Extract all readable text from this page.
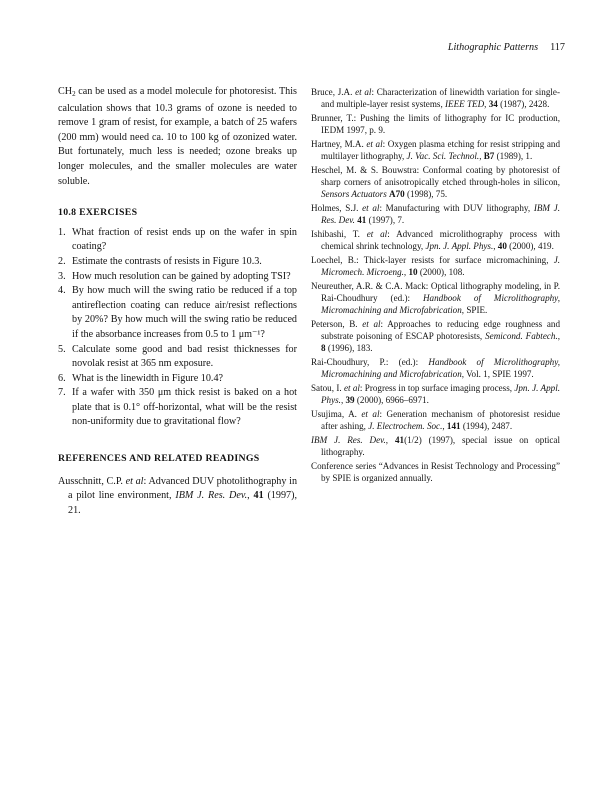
Lithographic Patterns 117

$CH_2$ can be used as a model molecule for photoresist. This calculation shows that 10.3 grams of ozone is needed to remove 1 gram of resist, for example, a batch of 25 wafers (200 mm) would need ca. 10 to 100 kg of ozonized water. But fortunately, much less is needed; ozone breaks up longer molecules, and the smaller molecules are water soluble.

10.8 EXERCISES
1. What fraction of resist ends up on the wafer in spin coating?
2. Estimate the contrasts of resists in Figure 10.3.
3. How much resolution can be gained by adopting TSI?
4. By how much will the swing ratio be reduced if a top antireflection coating can reduce air/resist reflections by 20%? By how much will the swing ratio be reduced if the absorbance increases from 0.5 to 1 μm⁻¹?
5. Calculate some good and bad resist thicknesses for novolak resist at 365 nm exposure.
6. What is the linewidth in Figure 10.4?
7. If a wafer with 350 μm thick resist is baked on a hot plate that is 0.1° off-horizontal, what will be the resist non-uniformity due to gravitational flow?
REFERENCES AND RELATED READINGS

Ausschnitt, C.P. et al: Advanced DUV photolithography in a pilot line environment, IBM J. Res. Dev., 41 (1997), 21.

Bruce, J.A. et al: Characterization of linewidth variation for single- and multiple-layer resist systems, IEEE TED, 34 (1987), 2428.

Brunner, T.: Pushing the limits of lithography for IC production, IEDM 1997, p. 9.

Hartney, M.A. et al: Oxygen plasma etching for resist stripping and multilayer lithography, J. Vac. Sci. Technol., B7 (1989), 1.

Heschel, M. & S. Bouwstra: Conformal coating by photoresist of sharp corners of anisotropically etched through-holes in silicon, Sensors Actuators A70 (1998), 75.

Holmes, S.J. et al: Manufacturing with DUV lithography, IBM J. Res. Dev. 41 (1997), 7.

Ishibashi, T. et al: Advanced microlithography process with chemical shrink technology, Jpn. J. Appl. Phys., 40 (2000), 419.

Loechel, B.: Thick-layer resists for surface micromachining, J. Micromech. Microeng., 10 (2000), 108.

Neureuther, A.R. & C.A. Mack: Optical lithography modeling, in P. Rai-Choudhury (ed.): Handbook of Microlithography, Micromachining and Microfabrication, SPIE.

Peterson, B. et al: Approaches to reducing edge roughness and substrate poisoning of ESCAP photoresists, Semicond. Fabtech., 8 (1996), 183.

Rai-Choudhury, P.: (ed.): Handbook of Microlithography, Micromachining and Microfabrication, Vol. 1, SPIE 1997.

Satou, I. et al: Progress in top surface imaging process, Jpn. J. Appl. Phys., 39 (2000), 6966–6971.

Usujima, A. et al: Generation mechanism of photoresist residue after ashing, J. Electrochem. Soc., 141 (1994), 2487.

IBM J. Res. Dev., 41(1/2) (1997), special issue on optical lithography.

Conference series “Advances in Resist Technology and Processing” by SPIE is organized annually.
